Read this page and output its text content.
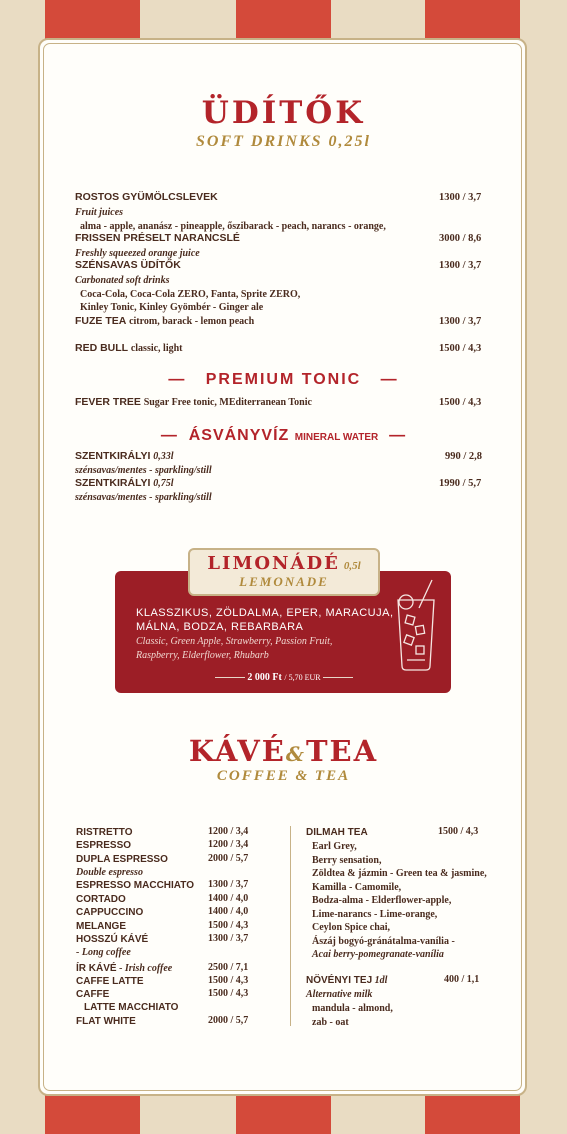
ÜDÍTŐK
SOFT DRINKS 0,25l
ROSTOS GYÜMÖLCSLEVEK	1300 / 3,7
Fruit juices
alma - apple, ananász - pineapple, őszibarack - peach, narancs - orange,
FRISSEN PRÉSELT NARANCSLÉ	3000 / 8,6
Freshly squeezed orange juice
SZÉNSAVAS ÜDÍTŐK	1300 / 3,7
Carbonated soft drinks
Coca-Cola, Coca-Cola ZERO, Fanta, Sprite ZERO,
Kinley Tonic, Kinley Gyömbér - Ginger ale
FUZE TEA citrom, barack - lemon peach	1300 / 3,7
RED BULL classic, light	1500 / 4,3
—   PREMIUM TONIC   —
FEVER TREE Sugar Free tonic, MEditerranean Tonic	1500 / 4,3
—  ÁSVÁNYVÍZ MINERAL WATER  —
SZENTKIRÁLYI 0,33l	990 / 2,8
szénsavas/mentes - sparkling/still
SZENTKIRÁLYI 0,75l	1990 / 5,7
szénsavas/mentes - sparkling/still
LIMONÁDÉ 0,5l
LEMONADE
KLASSZIKUS, ZÖLDALMA, EPER, MARACUJA,
MÁLNA, BODZA, REBARBARA
Classic, Green Apple, Strawberry, Passion Fruit,
Raspberry, Elderflower, Rhubarb
2 000 Ft / 5,70 EUR
KÁVÉ&TEA
COFFEE & TEA
RISTRETTO	1200 / 3,4
ESPRESSO	1200 / 3,4
DUPLA ESPRESSO	2000 / 5,7
Double espresso
ESPRESSO MACCHIATO 1300 / 3,7
CORTADO	1400 / 4,0
CAPPUCCINO	1400 / 4,0
MELANGE	1500 / 4,3
HOSSZÚ KÁVÉ	1300 / 3,7
- Long coffee
ÍR KÁVÉ - Irish coffee	2500 / 7,1
CAFFE LATTE	1500 / 4,3
CAFFE	1500 / 4,3
LATTE MACCHIATO
FLAT WHITE	2000 / 5,7
DILMAH TEA	1500 / 4,3
Earl Grey,
Berry sensation,
Zöldtea & jázmin - Green tea & jasmine,
Kamilla - Camomile,
Bodza-alma - Elderflower-apple,
Lime-narancs - Lime-orange,
Ceylon Spice chai,
Ászáj bogyó-gránátalma-vanília -
Acai berry-pomegranate-vanília
NÖVÉNYI TEJ 1dl	400 / 1,1
Alternative milk
mandula - almond,
zab - oat
